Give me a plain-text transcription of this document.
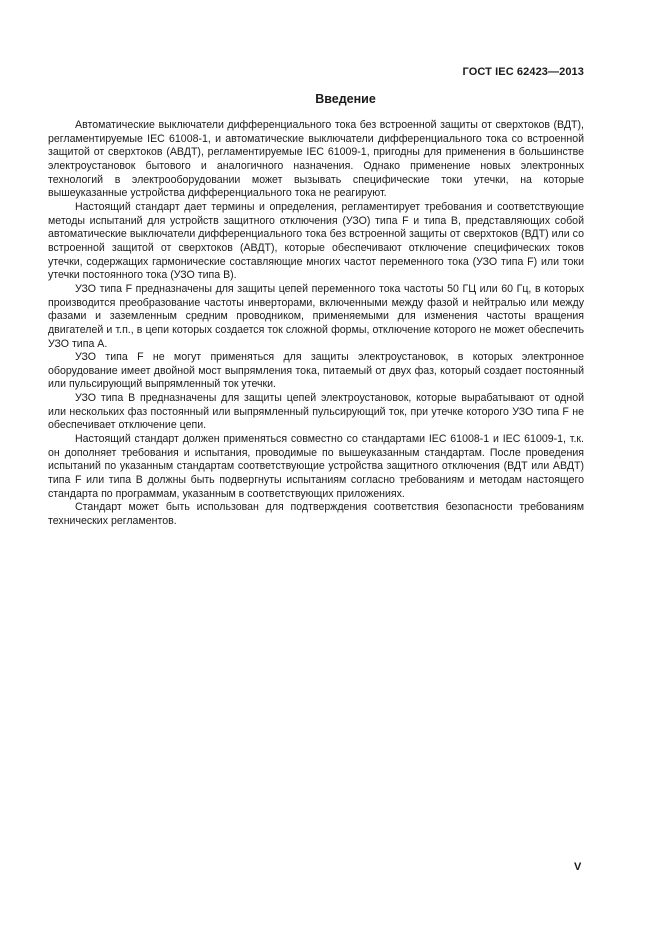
ГОСТ IEC 62423—2013
Введение

Автоматические выключатели дифференциального тока без встроенной защиты от сверхтоков (ВДТ), регламентируемые IEC 61008-1, и автоматические выключатели дифференциального тока со встроенной защитой от сверхтоков (АВДТ), регламентируемые IEC 61009-1, пригодны для применения в большинстве электроустановок бытового и аналогичного назначения. Однако применение новых электронных технологий в электрооборудовании может вызывать специфические токи утечки, на которые вышеуказанные устройства дифференциального тока не реагируют.

Настоящий стандарт дает термины и определения, регламентирует требования и соответствующие методы испытаний для устройств защитного отключения (УЗО) типа F и типа В, представляющих собой автоматические выключатели дифференциального тока без встроенной защиты от сверхтоков (ВДТ) или со встроенной защитой от сверхтоков (АВДТ), которые обеспечивают отключение специфических токов утечки, содержащих гармонические составляющие многих частот переменного тока (УЗО типа F) или токи утечки постоянного тока (УЗО типа В).

УЗО типа F предназначены для защиты цепей переменного тока частоты 50 ГЦ или 60 Гц, в которых производится преобразование частоты инверторами, включенными между фазой и нейтралью или между фазами и заземленным средним проводником, применяемыми для изменения частоты вращения двигателей и т.п., в цепи которых создается ток сложной формы, отключение которого не может обеспечить УЗО типа А.

УЗО типа F не могут применяться для защиты электроустановок, в которых электронное оборудование имеет двойной мост выпрямления тока, питаемый от двух фаз, который создает постоянный или пульсирующий выпрямленный ток утечки.

УЗО типа В предназначены для защиты цепей электроустановок, которые вырабатывают от одной или нескольких фаз постоянный или выпрямленный пульсирующий ток, при утечке которого УЗО типа F не обеспечивает отключение цепи.

Настоящий стандарт должен применяться совместно со стандартами IEC 61008-1 и IEC 61009-1, т.к. он дополняет требования и испытания, проводимые по вышеуказанным стандартам. После проведения испытаний по указанным стандартам соответствующие устройства защитного отключения (ВДТ или АВДТ) типа F или типа В должны быть подвергнуты испытаниям согласно требованиям и методам настоящего стандарта по программам, указанным в соответствующих приложениях.

Стандарт может быть использован для подтверждения соответствия безопасности требованиям технических регламентов.

V
